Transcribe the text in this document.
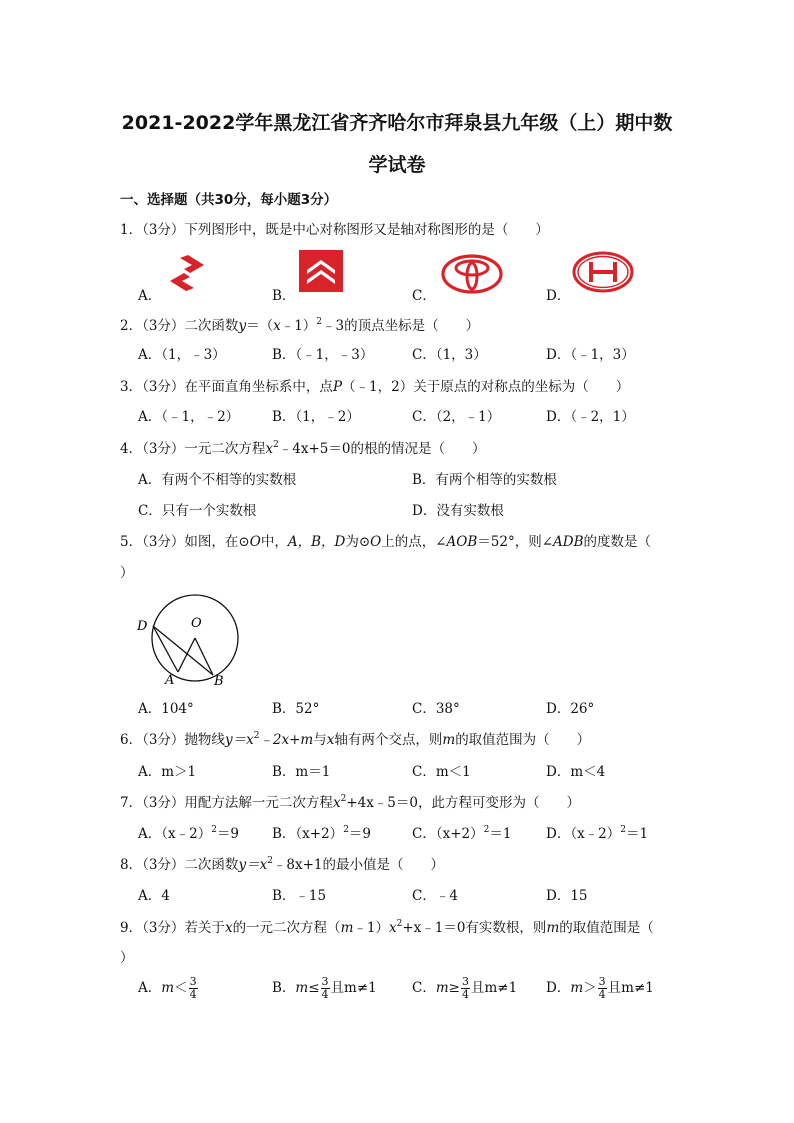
2021-2022学年黑龙江省齐齐哈尔市拜泉县九年级（上）期中数
学试卷
一、选择题（共30分，每小题3分）
1．（3分）下列图形中，既是中心对称图形又是轴对称图形的是（　　）
A．	B．	C．	D．
2．（3分）二次函数y＝（x﹣1）$^2$﹣3的顶点坐标是（　　）
A．（1，﹣3）	B．（﹣1，﹣3）	C．（1，3）	D．（﹣1，3）
3．（3分）在平面直角坐标系中，点P（﹣1，2）关于原点的对称点的坐标为（　　）
A．（﹣1，﹣2） B．（1，﹣2）	C．（2，﹣1）	D．（﹣2，1）
4．（3分）一元二次方程$x^2﹣4x+5=0$的根的情况是（　　）
A．有两个不相等的实数根	B．有两个相等的实数根
C．只有一个实数根	D．没有实数根
5．（3分）如图，在⊙O中，A，B，D为⊙O上的点，∠AOB＝52°，则∠ADB的度数是（
）
D	O
A	B
A．104°	B．52°	C．38°	D．26°
6．（3分）抛物线$y=x^2﹣2x+m$与x轴有两个交点，则m的取值范围为（　　）
A．m＞1	B．m＝1	C．m＜1	D．m＜4
7．（3分）用配方法解一元二次方程$x^2+4x﹣5=0$，此方程可变形为（　　）
A．（x﹣2）$^2$＝9 B．$(x+2)^2=9$	C．$(x+2)^2=1$	D．（x﹣2）$^2$＝1
8．（3分）二次函数$y=x^2﹣8x+1$的最小值是（　　）
A．4	B．﹣15	C．﹣4	D．15
9．（3分）若关于x的一元二次方程$(m﹣1)x^2+x﹣1=0$有实数根，则m的取值范围是（
）
A．$m< \frac{3}{4}$	B．$m\le \frac{3}{4}$ 且m≠1	C．$m\ge \frac{3}{4}$ 且m≠1 D．$m> \frac{3}{4}$ 且m≠1
